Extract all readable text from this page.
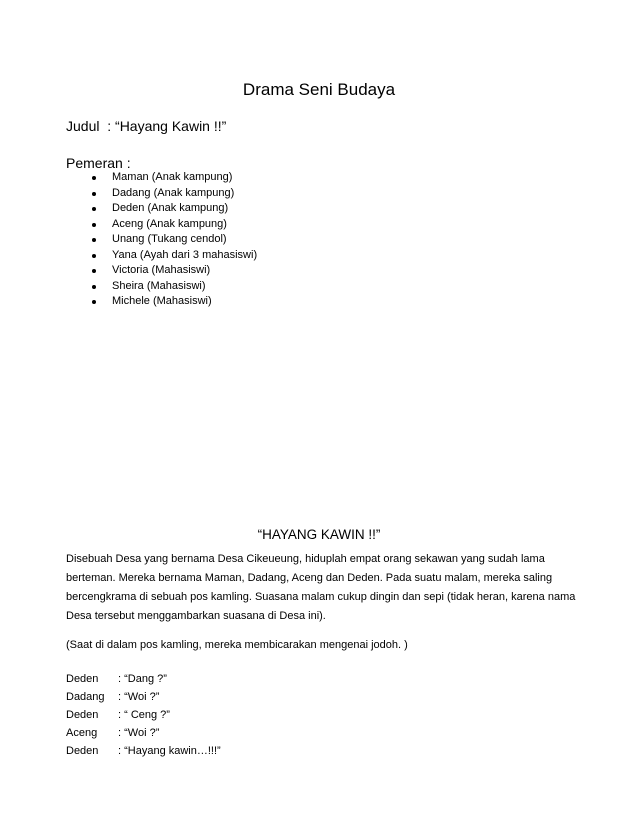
Drama Seni Budaya
Judul  : “Hayang Kawin !!”
Pemeran :
Maman (Anak kampung)
Dadang (Anak kampung)
Deden (Anak kampung)
Aceng (Anak kampung)
Unang (Tukang cendol)
Yana (Ayah dari 3 mahasiswi)
Victoria (Mahasiswi)
Sheira (Mahasiswi)
Michele (Mahasiswi)
“HAYANG KAWIN !!”

Disebuah Desa yang bernama Desa Cikeueung, hiduplah empat orang sekawan yang sudah lama
berteman. Mereka bernama Maman, Dadang, Aceng dan Deden. Pada suatu malam, mereka saling
bercengkrama di sebuah pos kamling. Suasana malam cukup dingin dan sepi (tidak heran, karena nama
Desa tersebut menggambarkan suasana di Desa ini).

(Saat di dalam pos kamling, mereka membicarakan mengenai jodoh. )
Deden : “Dang ?”
Dadang : “Woi ?”
Deden : “ Ceng ?”
Aceng : “Woi ?”
Deden : “Hayang kawin…!!!”
